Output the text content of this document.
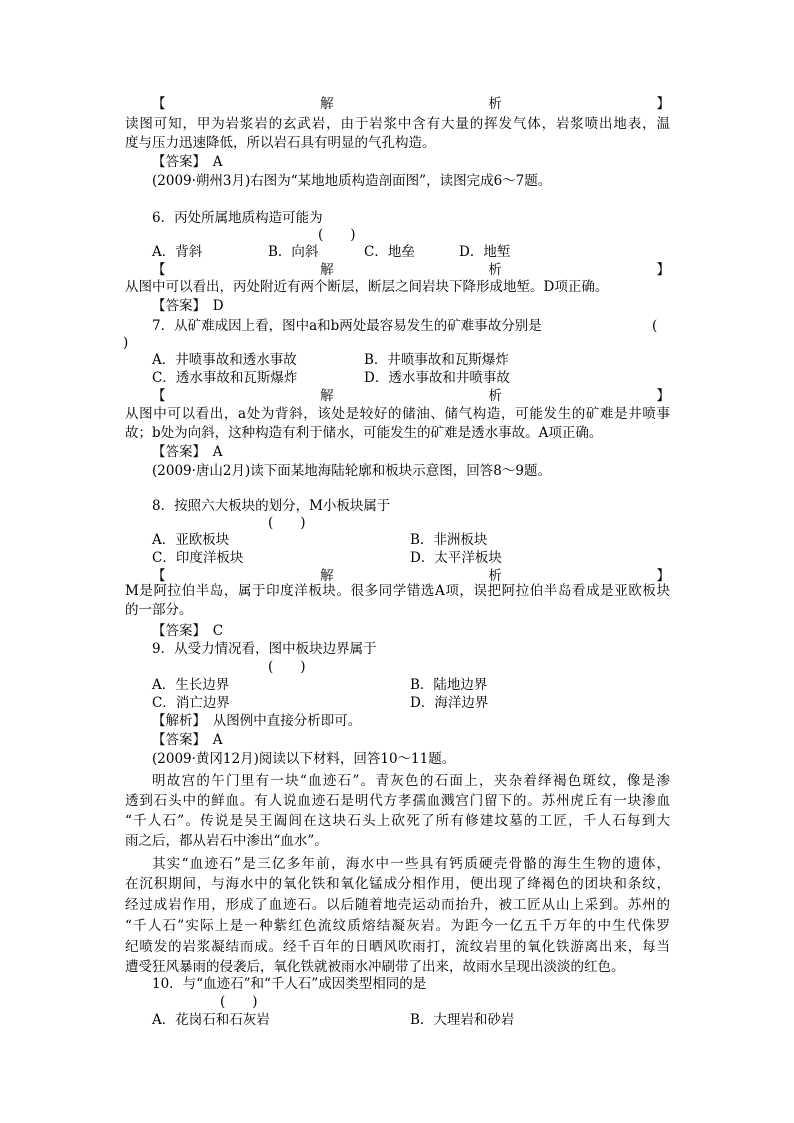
【	解	析	】
读图可知，甲为岩浆岩的玄武岩，由于岩浆中含有大量的挥发气体，岩浆喷出地表，温
度与压力迅速降低，所以岩石具有明显的气孔构造。
【答案】　A
(2009·朔州3月)右图为“某地地质构造剖面图”，读图完成6～7题。
6．丙处所属地质构造可能为
(　　)
A．背斜	B．向斜	C．地垒	D．地堑
【	解	析	】
从图中可以看出，丙处附近有两个断层，断层之间岩块下降形成地堑。D项正确。
【答案】　D
7．从矿难成因上看，图中a和b两处最容易发生的矿难事故分别是	(
)
A．井喷事故和透水事故	B．井喷事故和瓦斯爆炸
C．透水事故和瓦斯爆炸	D．透水事故和井喷事故
【	解	析	】
从图中可以看出，a处为背斜，该处是较好的储油、储气构造，可能发生的矿难是井喷事
故；b处为向斜，这种构造有利于储水，可能发生的矿难是透水事故。A项正确。
【答案】　A
(2009·唐山2月)读下面某地海陆轮廓和板块示意图，回答8～9题。
8．按照六大板块的划分，M小板块属于
(　　)
A．亚欧板块	B．非洲板块
C．印度洋板块	D．太平洋板块
【	解	析	】
M是阿拉伯半岛，属于印度洋板块。很多同学错选A项，误把阿拉伯半岛看成是亚欧板块
的一部分。
【答案】　C
9．从受力情况看，图中板块边界属于
(　　)
A．生长边界	B．陆地边界
C．消亡边界	D．海洋边界
【解析】　从图例中直接分析即可。
【答案】　A
(2009·黄冈12月)阅读以下材料，回答10～11题。
明故宫的午门里有一块“血迹石”。青灰色的石面上，夹杂着绎褐色斑纹，像是渗
透到石头中的鲜血。有人说血迹石是明代方孝孺血溅宫门留下的。苏州虎丘有一块渗血
“千人石”。传说是吴王阖闾在这块石头上砍死了所有修建坟墓的工匠，千人石每到大
雨之后，都从岩石中渗出“血水”。
其实“血迹石”是三亿多年前，海水中一些具有钙质硬壳骨骼的海生生物的遗体，
在沉积期间，与海水中的氧化铁和氧化锰成分相作用，便出现了绛褐色的团块和条纹，
经过成岩作用，形成了血迹石。以后随着地壳运动而抬升，被工匠从山上采到。苏州的
“千人石”实际上是一种紫红色流纹质熔结凝灰岩。为距今一亿五千万年的中生代侏罗
纪喷发的岩浆凝结而成。经千百年的日晒风吹雨打，流纹岩里的氧化铁游离出来，每当
遭受狂风暴雨的侵袭后，氧化铁就被雨水冲刷带了出来，故雨水呈现出淡淡的红色。
10．与“血迹石”和“千人石”成因类型相同的是
(　　)
A．花岗石和石灰岩	B．大理岩和砂岩
